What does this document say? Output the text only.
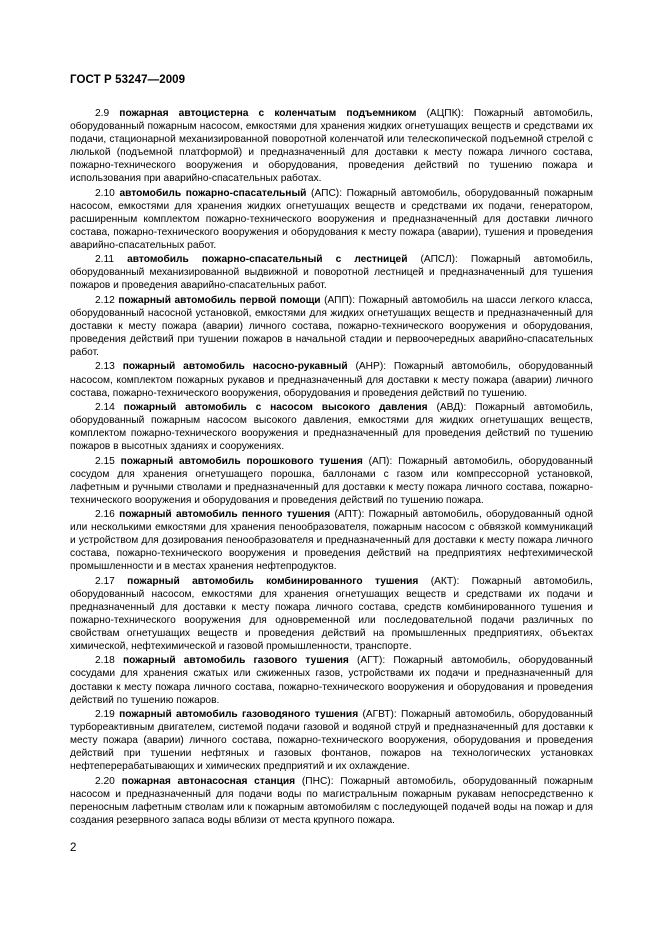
ГОСТ Р 53247—2009

2.9 пожарная автоцистерна с коленчатым подъемником (АЦПК): Пожарный автомобиль, оборудованный пожарным насосом, емкостями для хранения жидких огнетушащих веществ и средствами их подачи, стационарной механизированной поворотной коленчатой или телескопической подъемной стрелой с люлькой (подъемной платформой) и предназначенный для доставки к месту пожара личного состава, пожарно-технического вооружения и оборудования, проведения действий по тушению пожара и использования при аварийно-спасательных работах.

2.10 автомобиль пожарно-спасательный (АПС): Пожарный автомобиль, оборудованный пожарным насосом, емкостями для хранения жидких огнетушащих веществ и средствами их подачи, генератором, расширенным комплектом пожарно-технического вооружения и предназначенный для доставки личного состава, пожарно-технического вооружения и оборудования к месту пожара (аварии), тушения и проведения аварийно-спасательных работ.

2.11 автомобиль пожарно-спасательный с лестницей (АПСЛ): Пожарный автомобиль, оборудованный механизированной выдвижной и поворотной лестницей и предназначенный для тушения пожаров и проведения аварийно-спасательных работ.

2.12 пожарный автомобиль первой помощи (АПП): Пожарный автомобиль на шасси легкого класса, оборудованный насосной установкой, емкостями для жидких огнетушащих веществ и предназначенный для доставки к месту пожара (аварии) личного состава, пожарно-технического вооружения и оборудования, проведения действий при тушении пожаров в начальной стадии и первоочередных аварийно-спасательных работ.

2.13 пожарный автомобиль насосно-рукавный (АНР): Пожарный автомобиль, оборудованный насосом, комплектом пожарных рукавов и предназначенный для доставки к месту пожара (аварии) личного состава, пожарно-технического вооружения, оборудования и проведения действий по тушению.

2.14 пожарный автомобиль с насосом высокого давления (АВД): Пожарный автомобиль, оборудованный пожарным насосом высокого давления, емкостями для жидких огнетушащих веществ, комплектом пожарно-технического вооружения и предназначенный для проведения действий по тушению пожаров в высотных зданиях и сооружениях.

2.15 пожарный автомобиль порошкового тушения (АП): Пожарный автомобиль, оборудованный сосудом для хранения огнетушащего порошка, баллонами с газом или компрессорной установкой, лафетным и ручными стволами и предназначенный для доставки к месту пожара личного состава, пожарно-технического вооружения и оборудования и проведения действий по тушению пожара.

2.16 пожарный автомобиль пенного тушения (АПТ): Пожарный автомобиль, оборудованный одной или несколькими емкостями для хранения пенообразователя, пожарным насосом с обвязкой коммуникаций и устройством для дозирования пенообразователя и предназначенный для доставки к месту пожара личного состава, пожарно-технического вооружения и проведения действий на предприятиях нефтехимической промышленности и в местах хранения нефтепродуктов.

2.17 пожарный автомобиль комбинированного тушения (АКТ): Пожарный автомобиль, оборудованный насосом, емкостями для хранения огнетушащих веществ и средствами их подачи и предназначенный для доставки к месту пожара личного состава, средств комбинированного тушения и пожарно-технического вооружения для одновременной или последовательной подачи различных по свойствам огнетушащих веществ и проведения действий на промышленных предприятиях, объектах химической, нефтехимической и газовой промышленности, транспорте.

2.18 пожарный автомобиль газового тушения (АГТ): Пожарный автомобиль, оборудованный сосудами для хранения сжатых или сжиженных газов, устройствами их подачи и предназначенный для доставки к месту пожара личного состава, пожарно-технического вооружения и оборудования и проведения действий по тушению пожаров.

2.19 пожарный автомобиль газоводяного тушения (АГВТ): Пожарный автомобиль, оборудованный турбореактивным двигателем, системой подачи газовой и водяной струй и предназначенный для доставки к месту пожара (аварии) личного состава, пожарно-технического вооружения, оборудования и проведения действий при тушении нефтяных и газовых фонтанов, пожаров на технологических установках нефтеперерабатывающих и химических предприятий и их охлаждение.

2.20 пожарная автонасосная станция (ПНС): Пожарный автомобиль, оборудованный пожарным насосом и предназначенный для подачи воды по магистральным пожарным рукавам непосредственно к переносным лафетным стволам или к пожарным автомобилям с последующей подачей воды на пожар и для создания резервного запаса воды вблизи от места крупного пожара.

2
